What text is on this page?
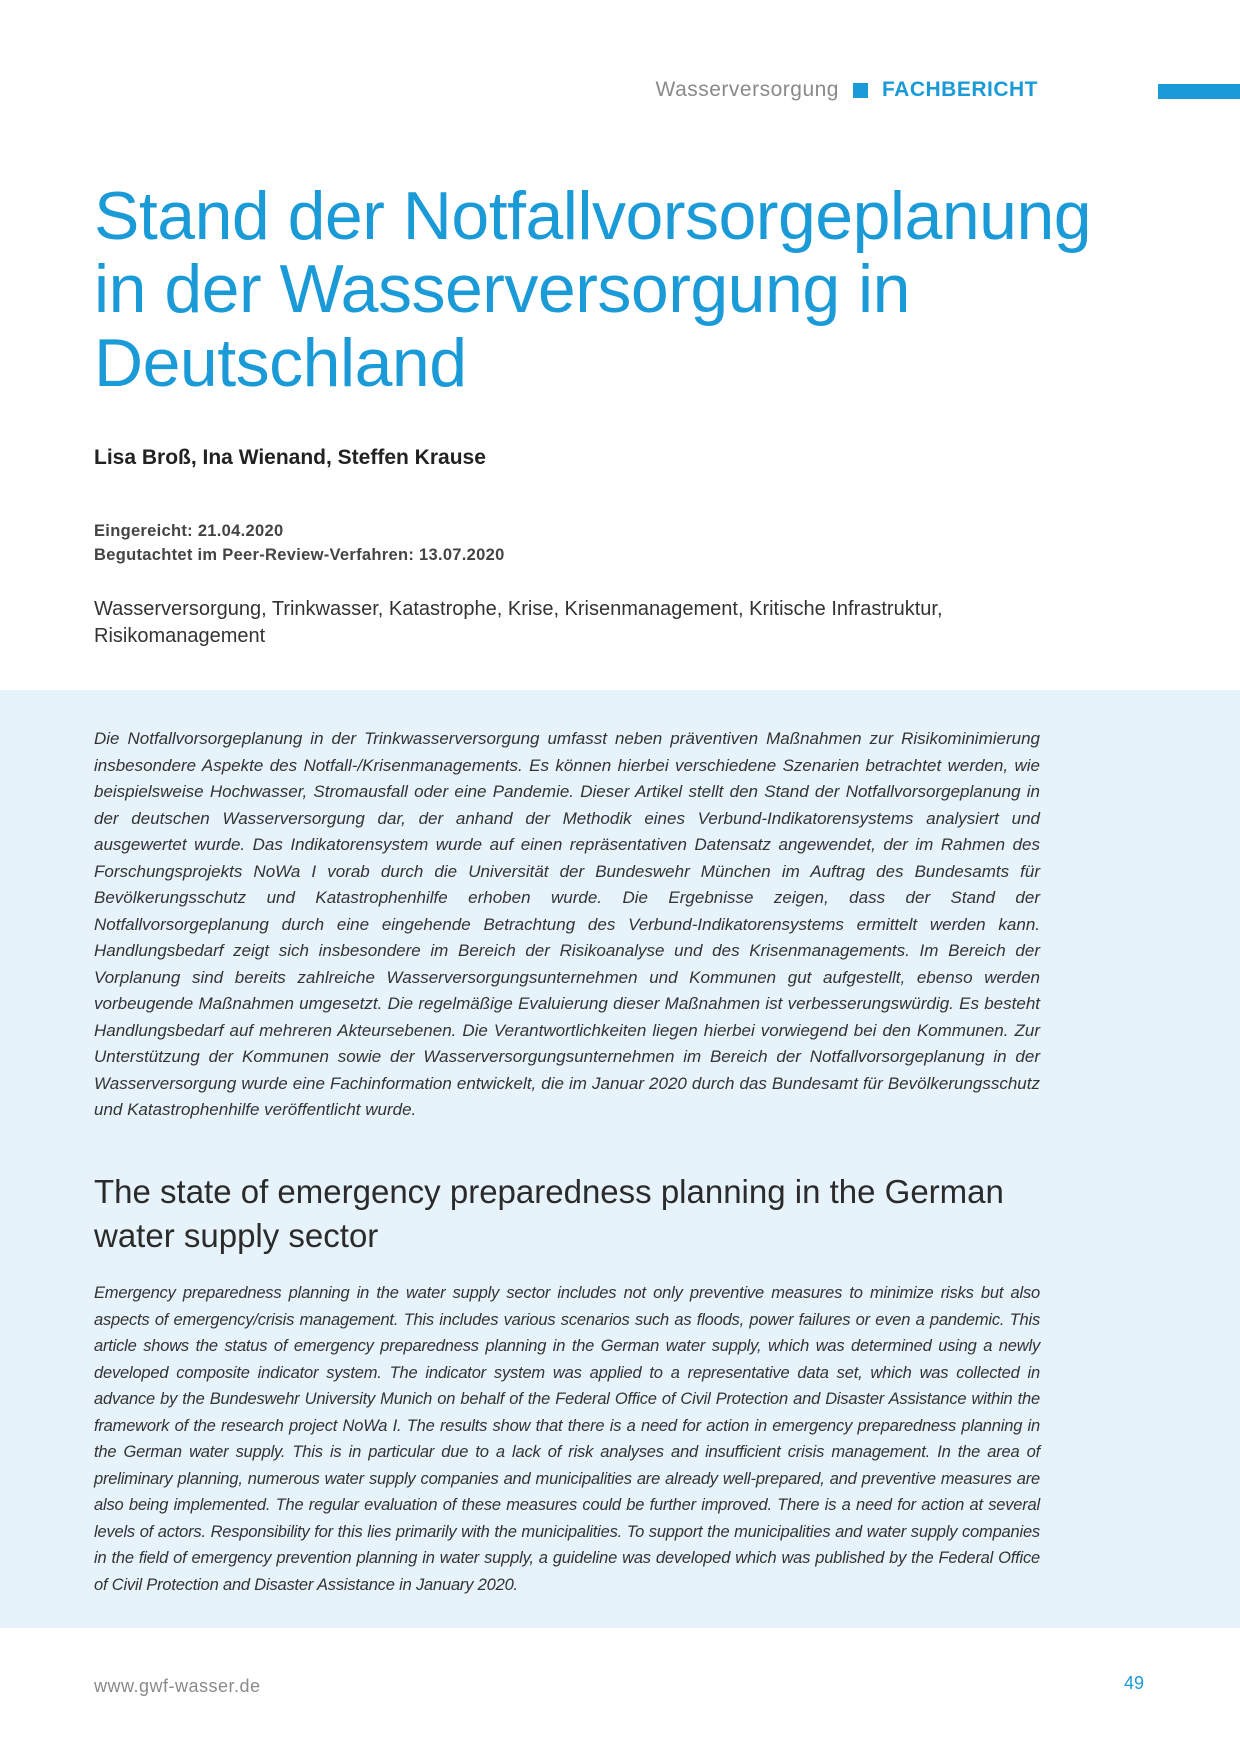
Wasserversorgung FACHBERICHT
Stand der Notfallvorsorgeplanung in der Wasserversorgung in Deutschland
Lisa Broß, Ina Wienand, Steffen Krause
Eingereicht: 21.04.2020
Begutachtet im Peer-Review-Verfahren: 13.07.2020
Wasserversorgung, Trinkwasser, Katastrophe, Krise, Krisenmanagement, Kritische Infrastruktur, Risikomanagement

Die Notfallvorsorgeplanung in der Trinkwasserversorgung umfasst neben präventiven Maßnahmen zur Risikominimierung insbesondere Aspekte des Notfall-/Krisenmanagements. Es können hierbei verschiedene Szenarien betrachtet werden, wie beispielsweise Hochwasser, Stromausfall oder eine Pandemie. Dieser Artikel stellt den Stand der Notfallvorsorgeplanung in der deutschen Wasserversorgung dar, der anhand der Methodik eines Verbund-Indikatorensystems analysiert und ausgewertet wurde. Das Indikatorensystem wurde auf einen repräsentativen Datensatz angewendet, der im Rahmen des Forschungsprojekts NoWa I vorab durch die Universität der Bundeswehr München im Auftrag des Bundesamts für Bevölkerungsschutz und Katastrophenhilfe erhoben wurde. Die Ergebnisse zeigen, dass der Stand der Notfallvorsorgeplanung durch eine eingehende Betrachtung des Verbund-Indikatorensystems ermittelt werden kann. Handlungsbedarf zeigt sich insbesondere im Bereich der Risikoanalyse und des Krisenmanagements. Im Bereich der Vorplanung sind bereits zahlreiche Wasserversorgungsunternehmen und Kommunen gut aufgestellt, ebenso werden vorbeugende Maßnahmen umgesetzt. Die regelmäßige Evaluierung dieser Maßnahmen ist verbesserungswürdig. Es besteht Handlungsbedarf auf mehreren Akteursebenen. Die Verantwortlichkeiten liegen hierbei vorwiegend bei den Kommunen. Zur Unterstützung der Kommunen sowie der Wasserversorgungsunternehmen im Bereich der Notfallvorsorgeplanung in der Wasserversorgung wurde eine Fachinformation entwickelt, die im Januar 2020 durch das Bundesamt für Bevölkerungsschutz und Katastrophenhilfe veröffentlicht wurde.

The state of emergency preparedness planning in the German water supply sector

Emergency preparedness planning in the water supply sector includes not only preventive measures to minimize risks but also aspects of emergency/crisis management. This includes various scenarios such as floods, power failures or even a pandemic. This article shows the status of emergency preparedness planning in the German water supply, which was determined using a newly developed composite indicator system. The indicator system was applied to a representative data set, which was collected in advance by the Bundeswehr University Munich on behalf of the Federal Office of Civil Protection and Disaster Assistance within the framework of the research project NoWa I. The results show that there is a need for action in emergency preparedness planning in the German water supply. This is in particular due to a lack of risk analyses and insufficient crisis management. In the area of preliminary planning, numerous water supply companies and municipalities are already well-prepared, and preventive measures are also being implemented. The regular evaluation of these measures could be further improved. There is a need for action at several levels of actors. Responsibility for this lies primarily with the municipalities. To support the municipalities and water supply companies in the field of emergency prevention planning in water supply, a guideline was developed which was published by the Federal Office of Civil Protection and Disaster Assistance in January 2020.

www.gwf-wasser.de	49
